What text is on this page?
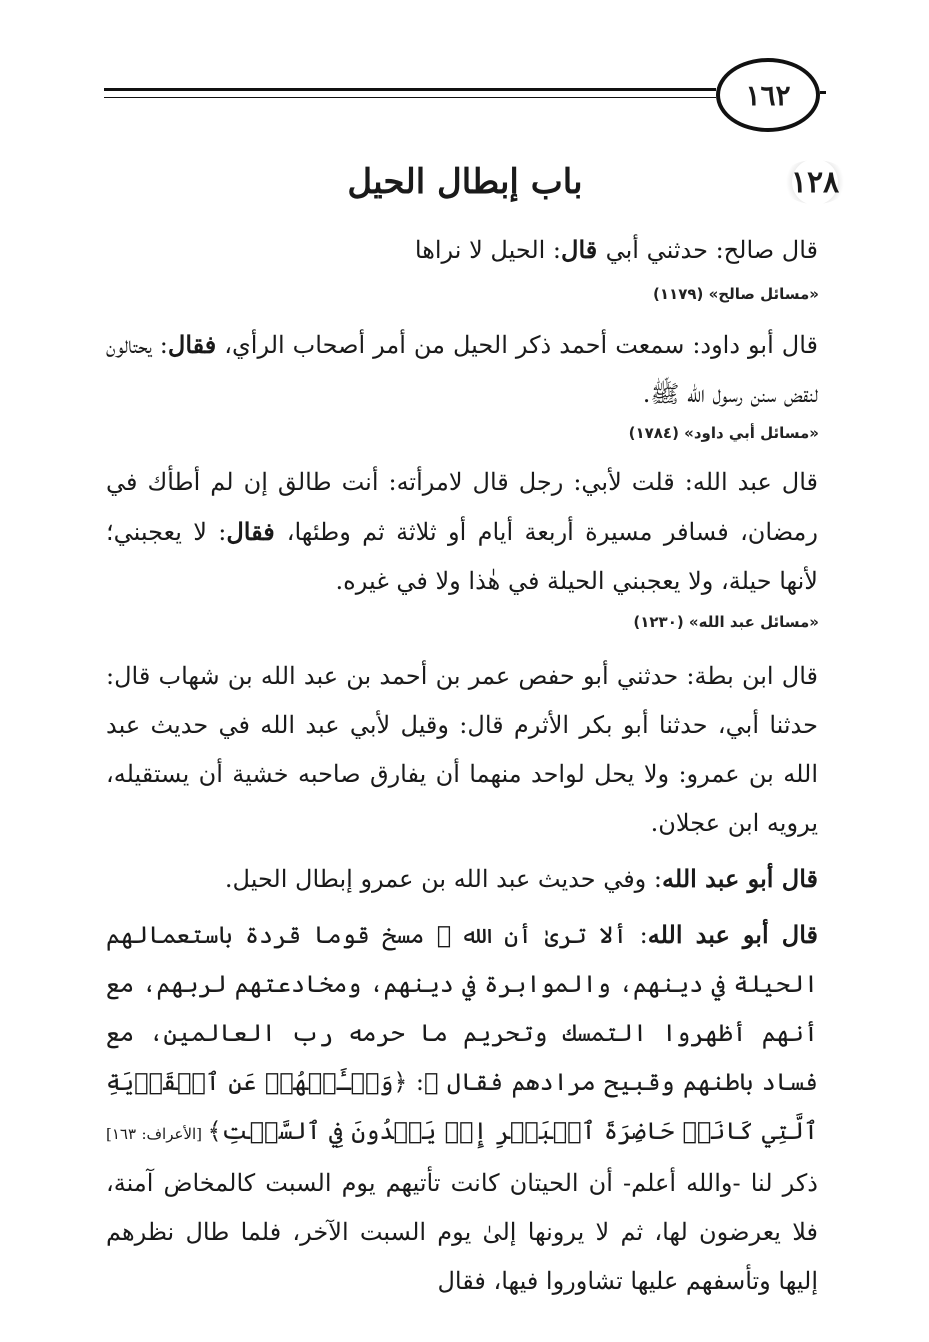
١٦٢
١٢٨
باب إبطال الحيل
قال صالح: حدثني أبي قال: الحيل لا نراها
«مسائل صالح» (١١٧٩)
قال أبو داود: سمعت أحمد ذكر الحيل من أمر أصحاب الرأي، فقال: يحتالون لنقض سنن رسول الله ﷺ.
«مسائل أبي داود» (١٧٨٤)
قال عبد الله: قلت لأبي: رجل قال لامرأته: أنت طالق إن لم أطأك في رمضان، فسافر مسيرة أربعة أيام أو ثلاثة ثم وطئها، فقال: لا يعجبني؛ لأنها حيلة، ولا يعجبني الحيلة في هٰذا ولا في غيره.
«مسائل عبد الله» (١٢٣٠)
قال ابن بطة: حدثني أبو حفص عمر بن أحمد بن عبد الله بن شهاب قال: حدثنا أبي، حدثنا أبو بكر الأثرم قال: وقيل لأبي عبد الله في حديث عبد الله بن عمرو: ولا يحل لواحد منهما أن يفارق صاحبه خشية أن يستقيله، يرويه ابن عجلان.
قال أبو عبد الله: وفي حديث عبد الله بن عمرو إبطال الحيل.
قال أبو عبد الله: ألا ترىٰ أن الله ﷻ مسخ قوما قردة باستعمالهم الحيلة في دينهم، والموابرة في دينهم، ومخادعتهم لربهم، مع أنهم أظهروا التمسك وتحريم ما حرمه رب العالمين، مع فساد باطنهم وقبيح مرادهم فقال ﷻ: ﴿وَسۡـَٔلۡهُمۡ عَنِ ٱلۡقَرۡيَةِ ٱلَّتِي كَانَتۡ حَاضِرَةَ ٱلۡبَحۡرِ إِذۡ يَعۡدُونَ فِي ٱلسَّبۡتِ﴾ [الأعراف: ١٦٣] ذكر لنا -والله أعلم- أن الحيتان كانت تأتيهم يوم السبت كالمخاض آمنة، فلا يعرضون لها، ثم لا يرونها إلىٰ يوم السبت الآخر، فلما طال نظرهم إليها وتأسفهم عليها تشاوروا فيها، فقال
